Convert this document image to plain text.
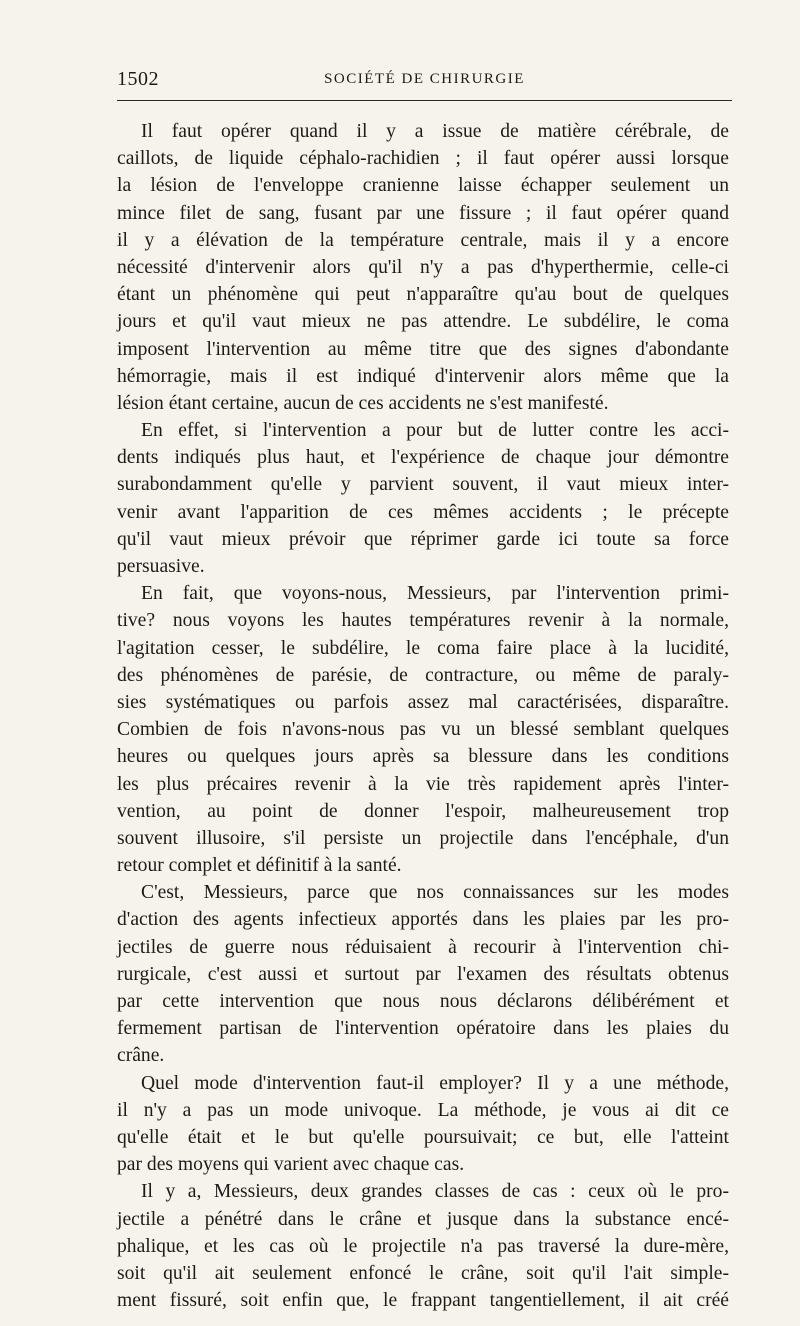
1502	SOCIÉTÉ DE CHIRURGIE
Il faut opérer quand il y a issue de matière cérébrale, de
caillots, de liquide céphalo-rachidien ; il faut opérer aussi lorsque
la lésion de l'enveloppe cranienne laisse échapper seulement un
mince filet de sang, fusant par une fissure ; il faut opérer quand
il y a élévation de la température centrale, mais il y a encore
nécessité d'intervenir alors qu'il n'y a pas d'hyperthermie, celle-ci
étant un phénomène qui peut n'apparaître qu'au bout de quelques
jours et qu'il vaut mieux ne pas attendre. Le subdélire, le coma
imposent l'intervention au même titre que des signes d'abondante
hémorragie, mais il est indiqué d'intervenir alors même que la
lésion étant certaine, aucun de ces accidents ne s'est manifesté.
En effet, si l'intervention a pour but de lutter contre les acci-
dents indiqués plus haut, et l'expérience de chaque jour démontre
surabondamment qu'elle y parvient souvent, il vaut mieux inter-
venir avant l'apparition de ces mêmes accidents ; le précepte
qu'il vaut mieux prévoir que réprimer garde ici toute sa force
persuasive.
En fait, que voyons-nous, Messieurs, par l'intervention primi-
tive? nous voyons les hautes températures revenir à la normale,
l'agitation cesser, le subdélire, le coma faire place à la lucidité,
des phénomènes de parésie, de contracture, ou même de paraly-
sies systématiques ou parfois assez mal caractérisées, disparaître.
Combien de fois n'avons-nous pas vu un blessé semblant quelques
heures ou quelques jours après sa blessure dans les conditions
les plus précaires revenir à la vie très rapidement après l'inter-
vention, au point de donner l'espoir, malheureusement trop
souvent illusoire, s'il persiste un projectile dans l'encéphale, d'un
retour complet et définitif à la santé.
C'est, Messieurs, parce que nos connaissances sur les modes
d'action des agents infectieux apportés dans les plaies par les pro-
jectiles de guerre nous réduisaient à recourir à l'intervention chi-
rurgicale, c'est aussi et surtout par l'examen des résultats obtenus
par cette intervention que nous nous déclarons délibérément et
fermement partisan de l'intervention opératoire dans les plaies du
crâne.
Quel mode d'intervention faut-il employer? Il y a une méthode,
il n'y a pas un mode univoque. La méthode, je vous ai dit ce
qu'elle était et le but qu'elle poursuivait; ce but, elle l'atteint
par des moyens qui varient avec chaque cas.
Il y a, Messieurs, deux grandes classes de cas : ceux où le pro-
jectile a pénétré dans le crâne et jusque dans la substance encé-
phalique, et les cas où le projectile n'a pas traversé la dure-mère,
soit qu'il ait seulement enfoncé le crâne, soit qu'il l'ait simple-
ment fissuré, soit enfin que, le frappant tangentiellement, il ait créé
